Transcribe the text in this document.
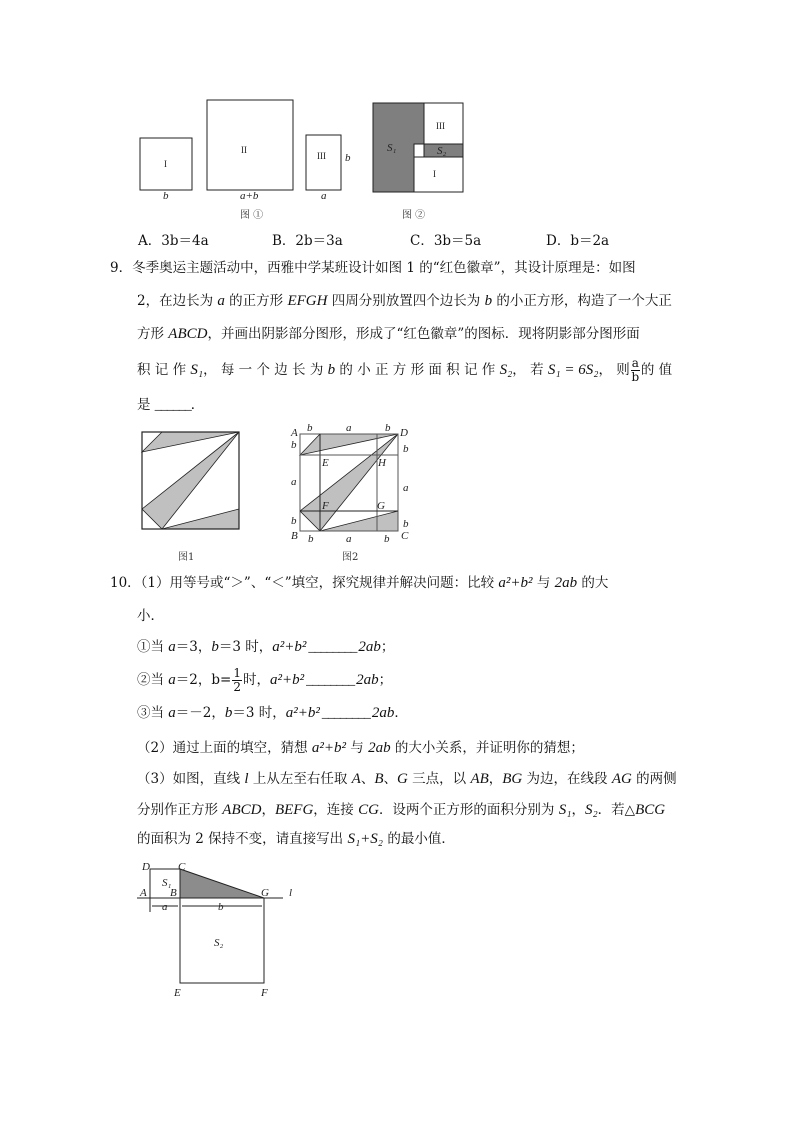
I
b
II
a+b
III
a
b
图 ①
S₁	S₂
III
I
图 ②
A．3b＝4a	B．2b＝3a	C．3b＝5a	D．b＝2a
9．冬季奥运主题活动中，西雅中学某班设计如图 1 的“红色徽章”，其设计原理是：如图
2，在边长为 a 的正方形 EFGH 四周分别放置四个边长为 b 的小正方形，构造了一个大正
方形 ABCD，并画出阴影部分图形，形成了“红色徽章”的图标．现将阴影部分图形面
积 记 作 S₁， 每 一 个 边 长 为 b 的 小 正 方 形 面 积 记 作 S₂， 若 S₁ = 6S₂， 则 $\frac{a}{b}$ 的 值
是 ______．
图1
A
B	C
D
E
F	G
H
b	a	b
b
a
b
b
a
b
b	a	b
图2
10．（1）用等号或“＞”、“＜”填空，探究规律并解决问题：比较 a²+b² 与 2ab 的大
小．
①当 a＝3，b＝3 时，a²+b² ________ 2ab；
②当 a＝2，$b= \frac{1}{2}$ 时，a²+b² ________ 2ab；
③当 a＝－2，b＝3 时，a²+b² ________ 2ab．
（2）通过上面的填空，猜想 a²+b² 与 2ab 的大小关系，并证明你的猜想；
（3）如图，直线 l 上从左至右任取 A、B、G 三点，以 AB，BG 为边，在线段 AG 的两侧
分别作正方形 ABCD，BEFG，连接 CG．设两个正方形的面积分别为 S₁，S₂．若△BCG
的面积为 2 保持不变，请直接写出 S₁+S₂ 的最小值．
D	C
A B	G l
S₁
a	b
S₂
E	F
